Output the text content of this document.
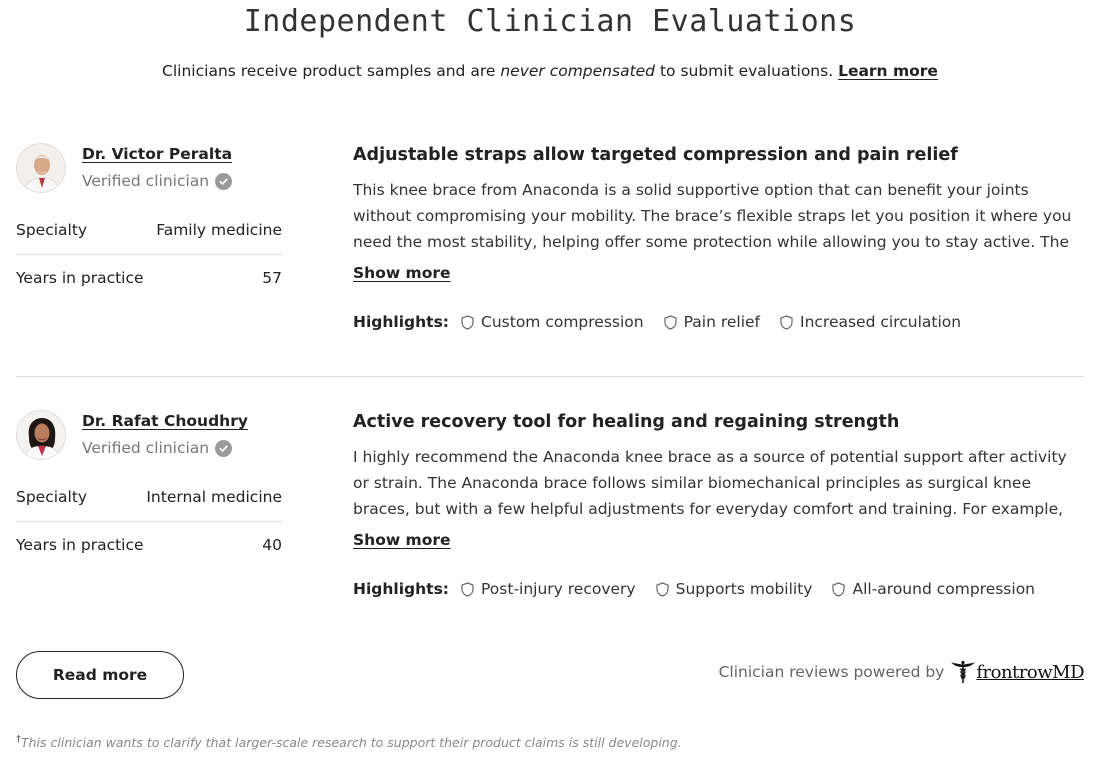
Independent Clinician Evaluations

Clinicians receive product samples and are never compensated to submit evaluations. Learn more

Dr. Victor Peralta
Verified clinician
Specialty	Family medicine
Years in practice	57
Adjustable straps allow targeted compression and pain relief

This knee brace from Anaconda is a solid supportive option that can benefit your joints without compromising your mobility. The brace’s flexible straps let you position it where you need the most stability, helping offer some protection while allowing you to stay active. The

Show more
Highlights: Custom compression	Pain relief	Increased circulation
Dr. Rafat Choudhry
Verified clinician
Specialty	Internal medicine
Years in practice	40
Active recovery tool for healing and regaining strength

I highly recommend the Anaconda knee brace as a source of potential support after activity or strain. The Anaconda brace follows similar biomechanical principles as surgical knee braces, but with a few helpful adjustments for everyday comfort and training. For example,

Show more
Highlights: Post-injury recovery	Supports mobility	All-around compression
Read more	Clinician reviews powered by frontrowMD

†This clinician wants to clarify that larger-scale research to support their product claims is still developing.
